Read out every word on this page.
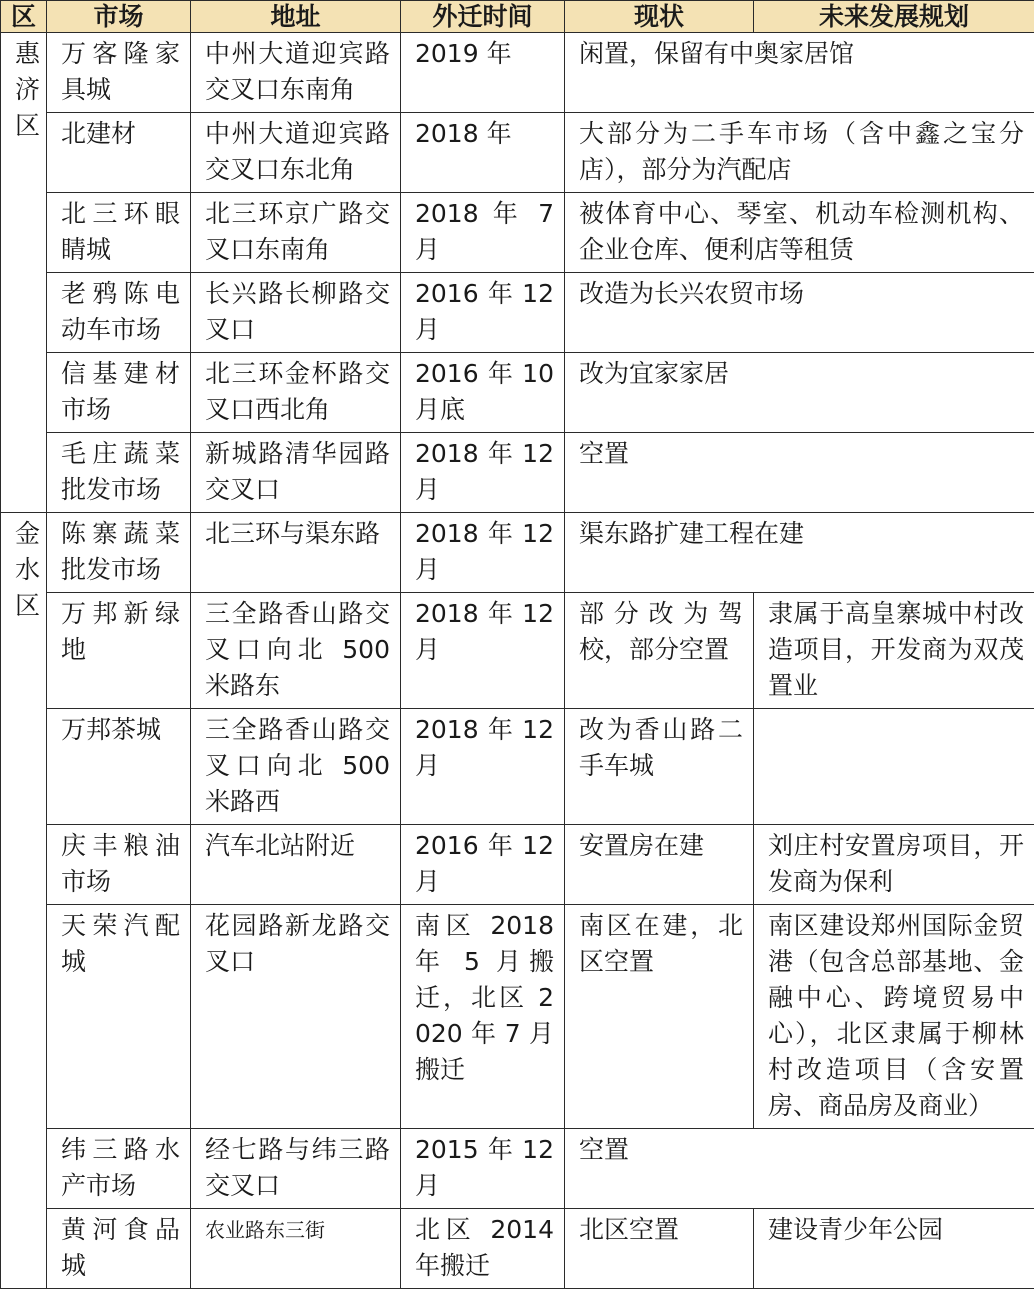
区	市场	地址	外迁时间	现状	未来发展规划

惠
济
区	万客隆家具城	中州大道迎宾路交叉口东南角	2019 年	闲置，保留有中奥家居馆	
	北建材	中州大道迎宾路交叉口东北角	2018 年	大部分为二手车市场（含中鑫之宝分店），部分为汽配店	
	北三环眼睛城	北三环京广路交叉口东南角	2018 年 7 月	被体育中心、琴室、机动车检测机构、企业仓库、便利店等租赁	
	老鸦陈电动车市场	长兴路长柳路交叉口	2016年12月	改造为长兴农贸市场	
	信基建材市场	北三环金杯路交叉口西北角	2016年10月底	改为宜家家居	
	毛庄蔬菜批发市场	新城路清华园路交叉口	2018年12月	空置	

金
水
区	陈寨蔬菜批发市场	北三环与渠东路	2018年12月	渠东路扩建工程在建	
	万邦新绿地	三全路香山路交叉口向北 500 米路东	2018年12月	部分改为驾校，部分空置	隶属于高皇寨城中村改造项目，开发商为双茂置业
	万邦茶城	三全路香山路交叉口向北 500 米路西	2018年12月	改为香山路二手车城	
	庆丰粮油市场	汽车北站附近	2016年12月	安置房在建	刘庄村安置房项目，开发商为保利
	天荣汽配城	花园路新龙路交叉口	南区 2018 年 5 月搬迁，北区 2020 年 7 月搬迁	南区在建，北区空置	南区建设郑州国际金贸港（包含总部基地、金融中心、跨境贸易中心），北区隶属于柳林村改造项目（含安置房、商品房及商业）
	纬三路水产市场	经七路与纬三路交叉口	2015年12月	空置	
	黄河食品城	农业路东三街	北区 2014 年搬迁	北区空置	建设青少年公园
